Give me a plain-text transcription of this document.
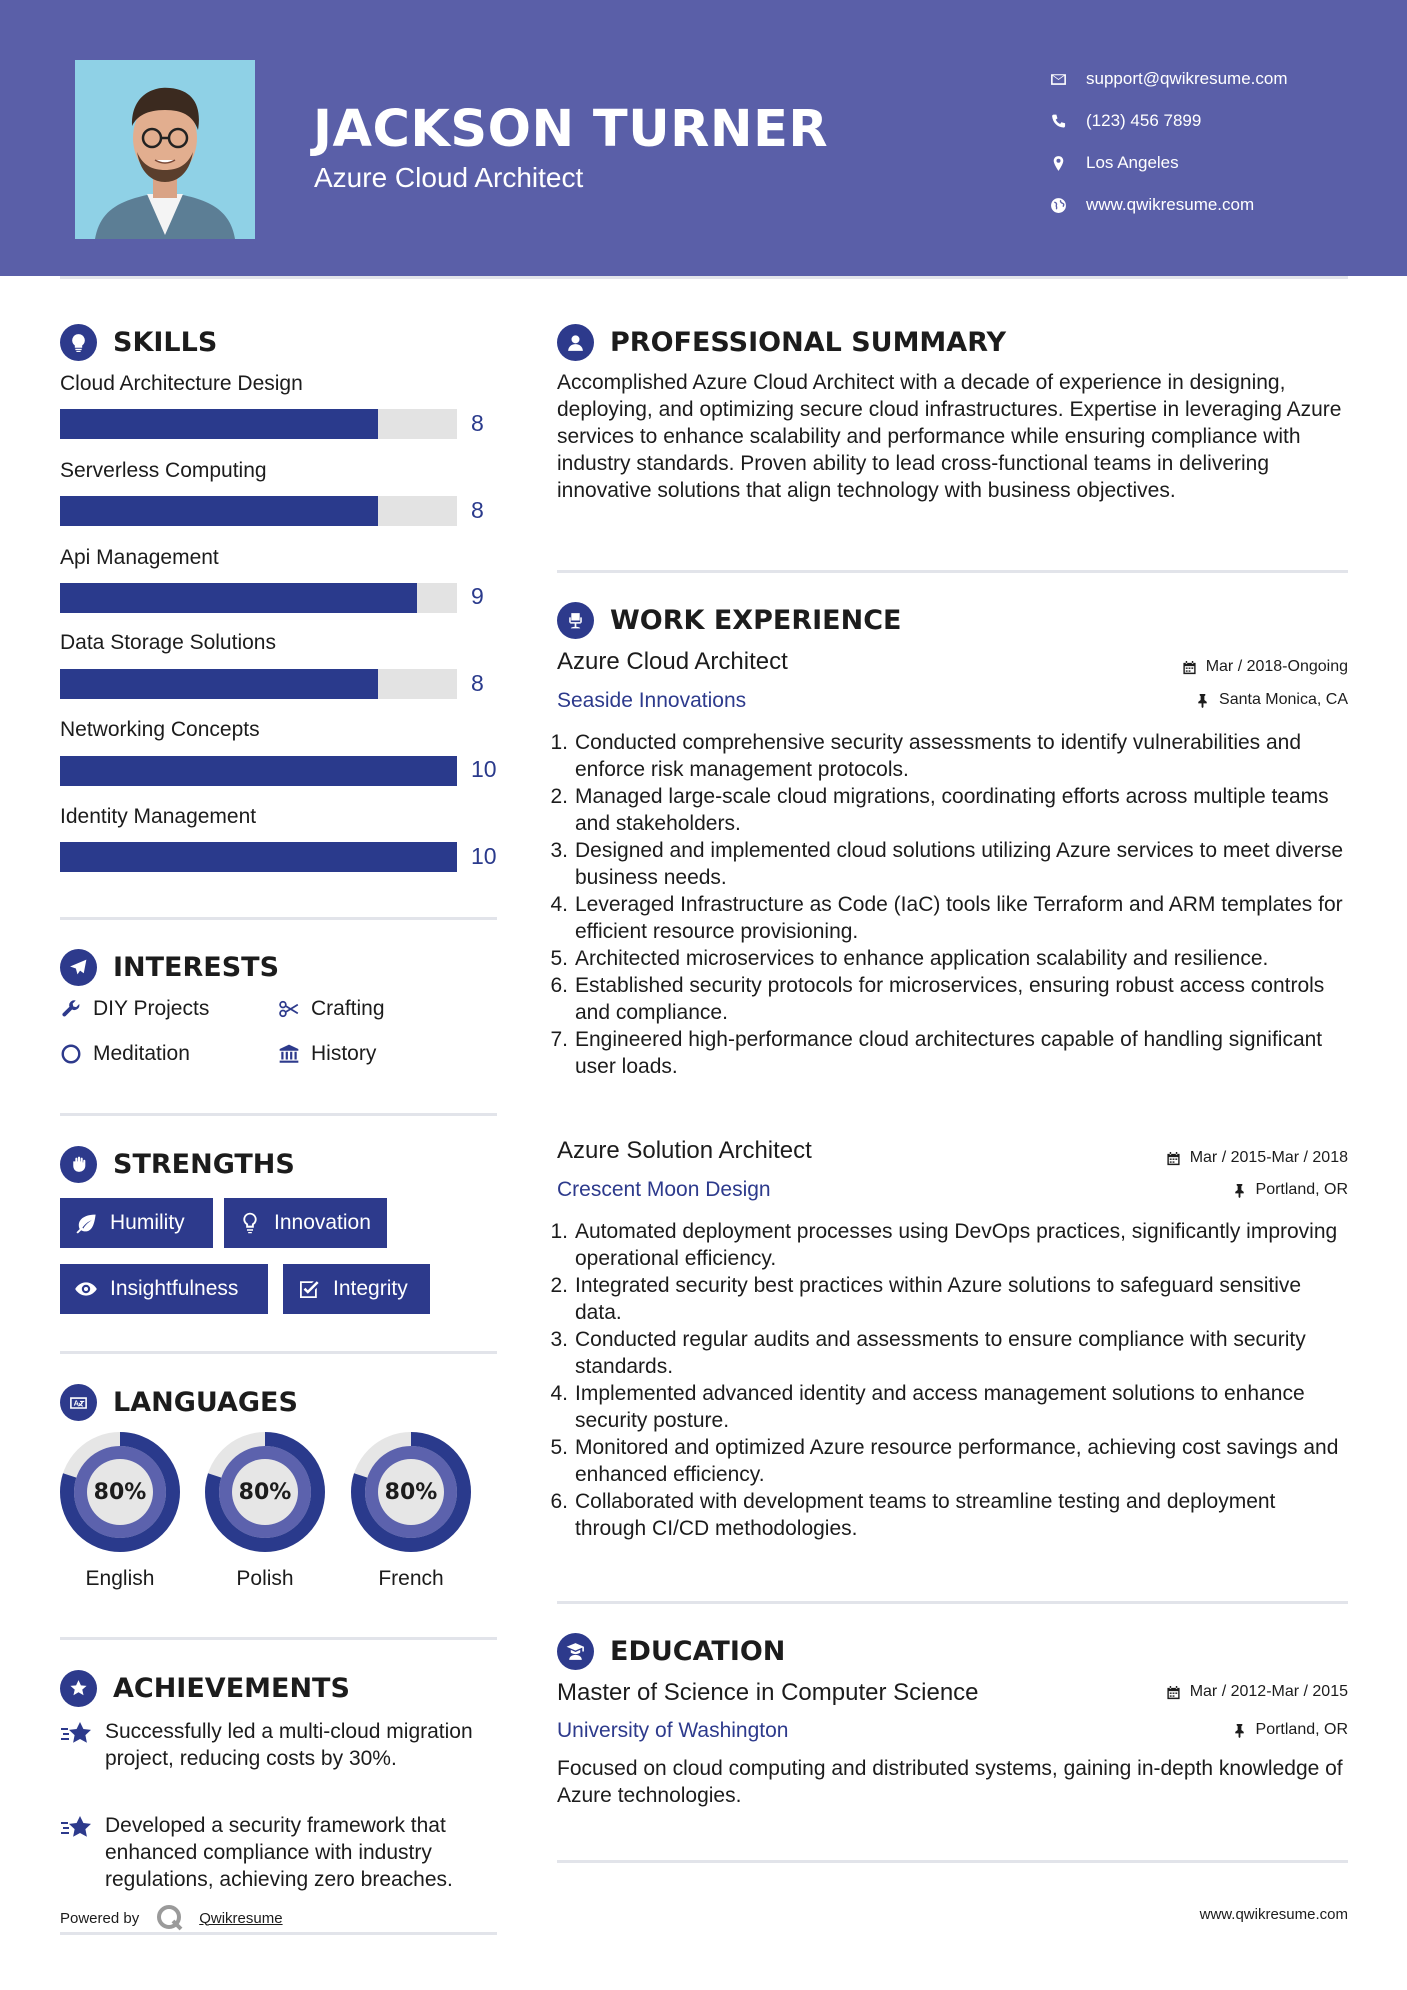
JACKSON TURNER
Azure Cloud Architect
support@qwikresume.com
(123) 456 7899
Los Angeles
www.qwikresume.com
SKILLS
Cloud Architecture Design
8
Serverless Computing
8
Api Management
9
Data Storage Solutions
8
Networking Concepts
10
Identity Management
10
INTERESTS
DIY Projects	Crafting
Meditation	History
STRENGTHS
Humility	Innovation
Insightfulness	Integrity
LANGUAGES
80%
English
80%
Polish
80%
French
ACHIEVEMENTS
Successfully led a multi-cloud migration project, reducing costs by 30%.
Developed a security framework that enhanced compliance with industry regulations, achieving zero breaches.
Powered by	Qwikresume
PROFESSIONAL SUMMARY
Accomplished Azure Cloud Architect with a decade of experience in designing, deploying, and optimizing secure cloud infrastructures. Expertise in leveraging Azure services to enhance scalability and performance while ensuring compliance with industry standards. Proven ability to lead cross-functional teams in delivering innovative solutions that align technology with business objectives.
WORK EXPERIENCE
Azure Cloud Architect	Mar / 2018-Ongoing
Seaside Innovations	Santa Monica, CA
1. Conducted comprehensive security assessments to identify vulnerabilities and enforce risk management protocols.
2. Managed large-scale cloud migrations, coordinating efforts across multiple teams and stakeholders.
3. Designed and implemented cloud solutions utilizing Azure services to meet diverse business needs.
4. Leveraged Infrastructure as Code (IaC) tools like Terraform and ARM templates for efficient resource provisioning.
5. Architected microservices to enhance application scalability and resilience.
6. Established security protocols for microservices, ensuring robust access controls and compliance.
7. Engineered high-performance cloud architectures capable of handling significant user loads.
Azure Solution Architect	Mar / 2015-Mar / 2018
Crescent Moon Design	Portland, OR
1. Automated deployment processes using DevOps practices, significantly improving operational efficiency.
2. Integrated security best practices within Azure solutions to safeguard sensitive data.
3. Conducted regular audits and assessments to ensure compliance with security standards.
4. Implemented advanced identity and access management solutions to enhance security posture.
5. Monitored and optimized Azure resource performance, achieving cost savings and enhanced efficiency.
6. Collaborated with development teams to streamline testing and deployment through CI/CD methodologies.
EDUCATION
Master of Science in Computer Science	Mar / 2012-Mar / 2015
University of Washington	Portland, OR
Focused on cloud computing and distributed systems, gaining in-depth knowledge of Azure technologies.
www.qwikresume.com
